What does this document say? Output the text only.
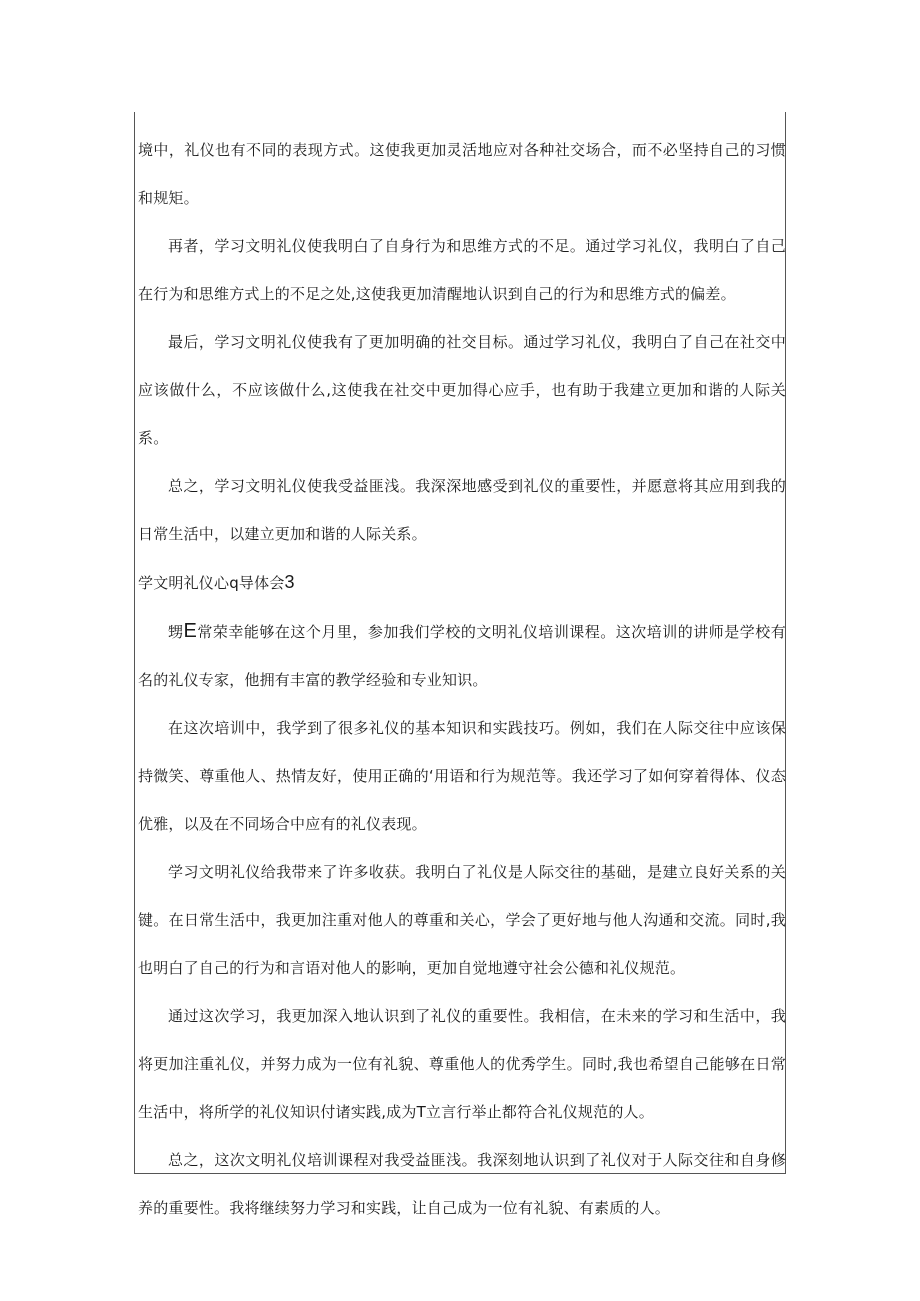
境中，礼仪也有不同的表现方式。这使我更加灵活地应对各种社交场合，而不必坚持自己的习惯和规矩。

再者，学习文明礼仪使我明白了自身行为和思维方式的不足。通过学习礼仪，我明白了自己在行为和思维方式上的不足之处,这使我更加清醒地认识到自己的行为和思维方式的偏差。

最后，学习文明礼仪使我有了更加明确的社交目标。通过学习礼仪，我明白了自己在社交中应该做什么，不应该做什么,这使我在社交中更加得心应手，也有助于我建立更加和谐的人际关系。

总之，学习文明礼仪使我受益匪浅。我深深地感受到礼仪的重要性，并愿意将其应用到我的日常生活中，以建立更加和谐的人际关系。

学文明礼仪心q导体会3

甥E常荣幸能够在这个月里，参加我们学校的文明礼仪培训课程。这次培训的讲师是学校有名的礼仪专家，他拥有丰富的教学经验和专业知识。

在这次培训中，我学到了很多礼仪的基本知识和实践技巧。例如，我们在人际交往中应该保持微笑、尊重他人、热情友好，使用正确的‘用语和行为规范等。我还学习了如何穿着得体、仪态优雅，以及在不同场合中应有的礼仪表现。

学习文明礼仪给我带来了许多收获。我明白了礼仪是人际交往的基础，是建立良好关系的关键。在日常生活中，我更加注重对他人的尊重和关心，学会了更好地与他人沟通和交流。同时,我也明白了自己的行为和言语对他人的影响，更加自觉地遵守社会公德和礼仪规范。

通过这次学习，我更加深入地认识到了礼仪的重要性。我相信，在未来的学习和生活中，我将更加注重礼仪，并努力成为一位有礼貌、尊重他人的优秀学生。同时,我也希望自己能够在日常生活中，将所学的礼仪知识付诸实践,成为T立言行举止都符合礼仪规范的人。

总之，这次文明礼仪培训课程对我受益匪浅。我深刻地认识到了礼仪对于人际交往和自身修养的重要性。我将继续努力学习和实践，让自己成为一位有礼貌、有素质的人。
